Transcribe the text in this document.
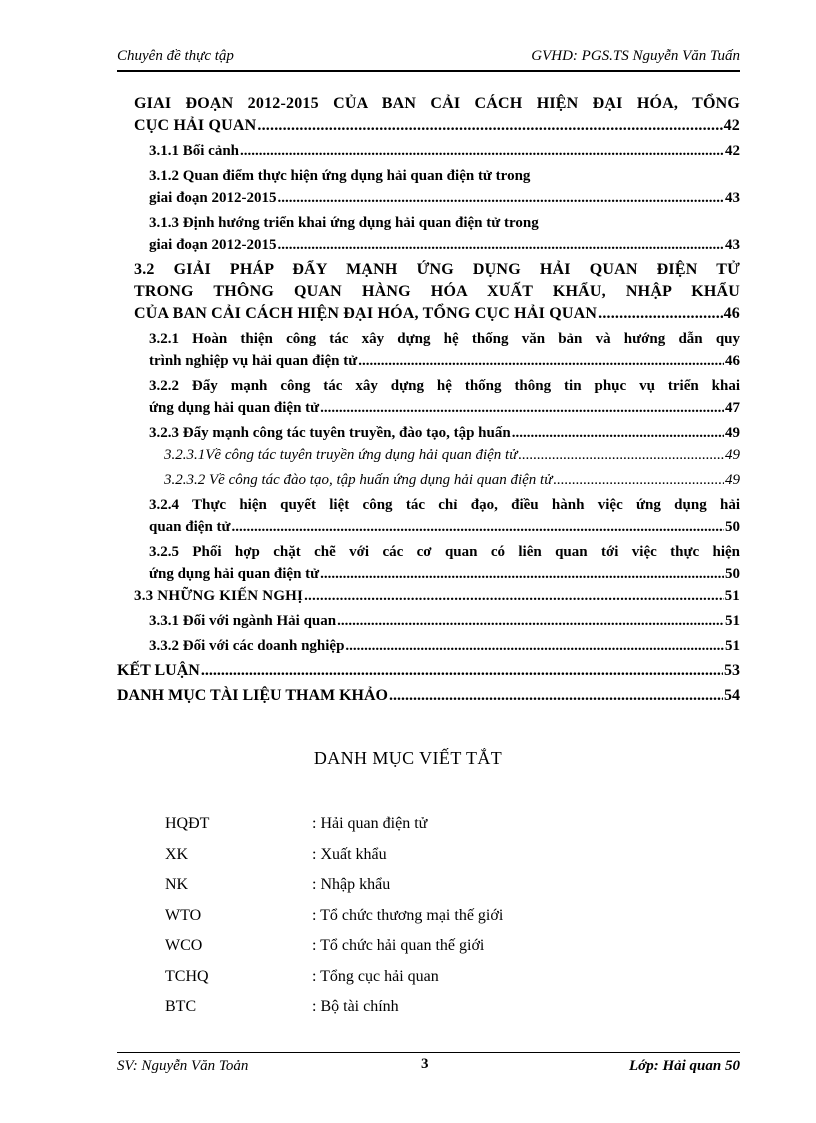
Chuyên đề thực tập	GVHD: PGS.TS Nguyễn Văn Tuấn
GIAI ĐOẠN 2012-2015 CỦA BAN CẢI CÁCH HIỆN ĐẠI HÓA, TỔNG
CỤC HẢI QUAN .....	42
3.1.1 Bối cảnh .....	42
3.1.2 Quan điểm thực hiện ứng dụng hải quan điện tử trong
giai đoạn 2012-2015 .....	43
3.1.3 Định hướng triển khai ứng dụng hải quan điện tử trong
giai đoạn 2012-2015 .....	43
3.2 GIẢI PHÁP ĐẨY MẠNH ỨNG DỤNG HẢI QUAN ĐIỆN TỬ
TRONG THÔNG QUAN HÀNG HÓA XUẤT KHẨU, NHẬP KHẨU
CỦA BAN CẢI CÁCH HIỆN ĐẠI HÓA, TỔNG CỤC HẢI QUAN .....	46
3.2.1 Hoàn thiện công tác xây dựng hệ thống văn bản và hướng dẫn quy
trình nghiệp vụ hải quan điện tử .....	46
3.2.2 Đẩy mạnh công tác xây dựng hệ thống thông tin phục vụ triển khai
ứng dụng hải quan điện tử .....	47
3.2.3 Đẩy mạnh công tác tuyên truyền, đào tạo, tập huấn .....	49
3.2.3.1Về công tác tuyên truyền ứng dụng hải quan điện tử .....	49
3.2.3.2 Về công tác đào tạo, tập huấn ứng dụng hải quan điện tử .....	49
3.2.4 Thực hiện quyết liệt công tác chỉ đạo, điều hành việc ứng dụng hải
quan điện tử .....	50
3.2.5 Phối hợp chặt chẽ với các cơ quan có liên quan tới việc thực hiện
ứng dụng hải quan điện tử .....	50
3.3 NHỮNG KIẾN NGHỊ .....	51
3.3.1 Đối với ngành Hải quan .....	51
3.3.2 Đối với các doanh nghiệp .....	51
KẾT LUẬN .....	53
DANH MỤC TÀI LIỆU THAM KHẢO .....	54
DANH MỤC VIẾT TẮT
HQĐT	: Hải quan điện tử
XK	: Xuất khẩu
NK	: Nhập khẩu
WTO	: Tổ chức thương mại thế giới
WCO	: Tổ chức hải quan thế giới
TCHQ	: Tổng cục hải quan
BTC	: Bộ tài chính
SV: Nguyễn Văn Toản	3	Lớp: Hải quan 50
